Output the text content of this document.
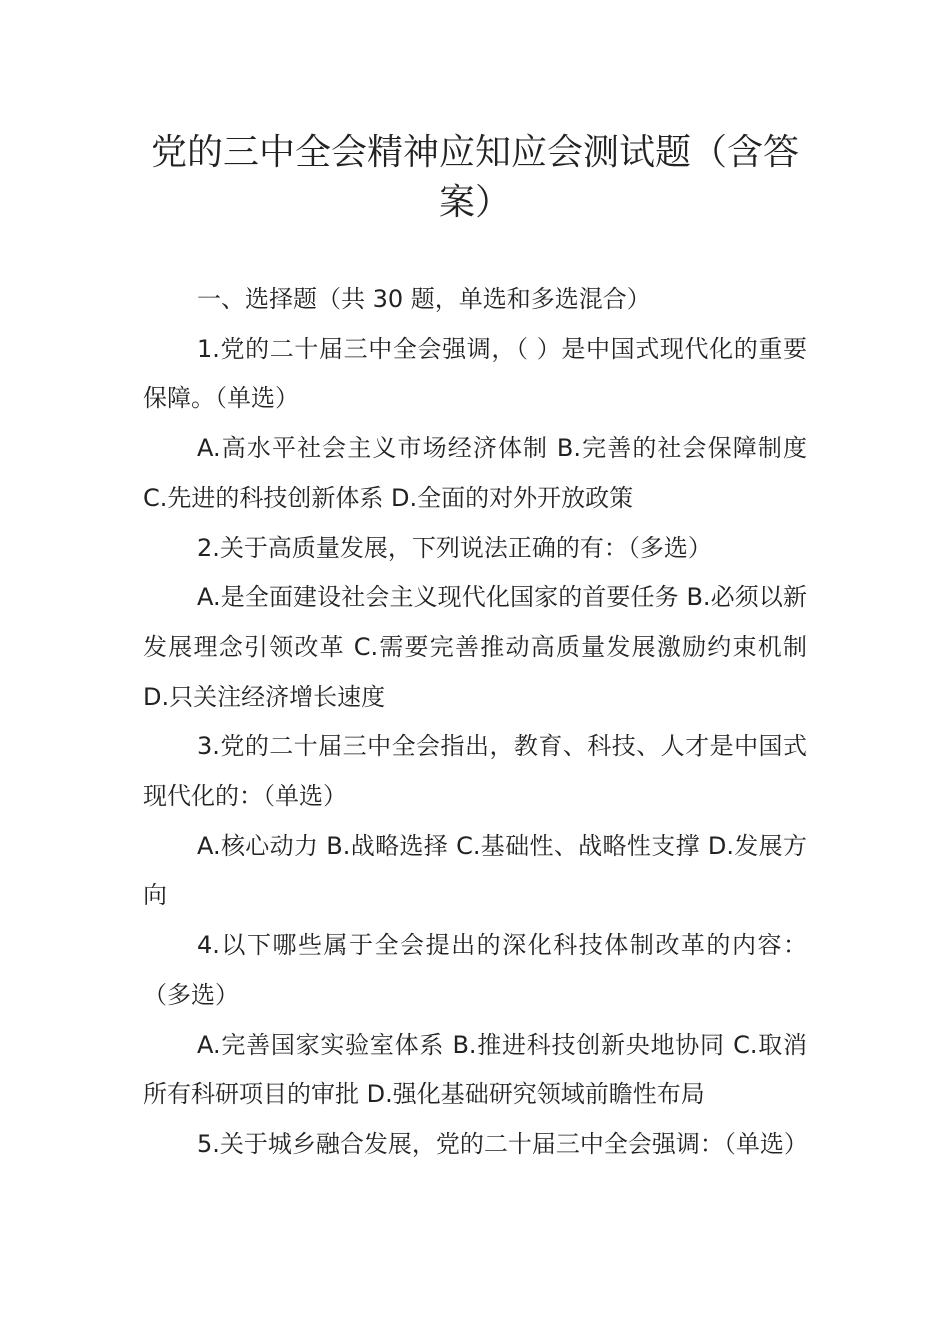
党的三中全会精神应知应会测试题（含答案）

一、选择题（共 30 题，单选和多选混合）

1.党的二十届三中全会强调，（ ）是中国式现代化的重要保障。（单选）

A.高水平社会主义市场经济体制 B.完善的社会保障制度 C.先进的科技创新体系 D.全面的对外开放政策

2.关于高质量发展，下列说法正确的有：（多选）

A.是全面建设社会主义现代化国家的首要任务 B.必须以新发展理念引领改革 C.需要完善推动高质量发展激励约束机制 D.只关注经济增长速度

3.党的二十届三中全会指出，教育、科技、人才是中国式现代化的：（单选）

A.核心动力 B.战略选择 C.基础性、战略性支撑 D.发展方向

4.以下哪些属于全会提出的深化科技体制改革的内容：（多选）

A.完善国家实验室体系 B.推进科技创新央地协同 C.取消所有科研项目的审批 D.强化基础研究领域前瞻性布局

5.关于城乡融合发展，党的二十届三中全会强调：（单选）
